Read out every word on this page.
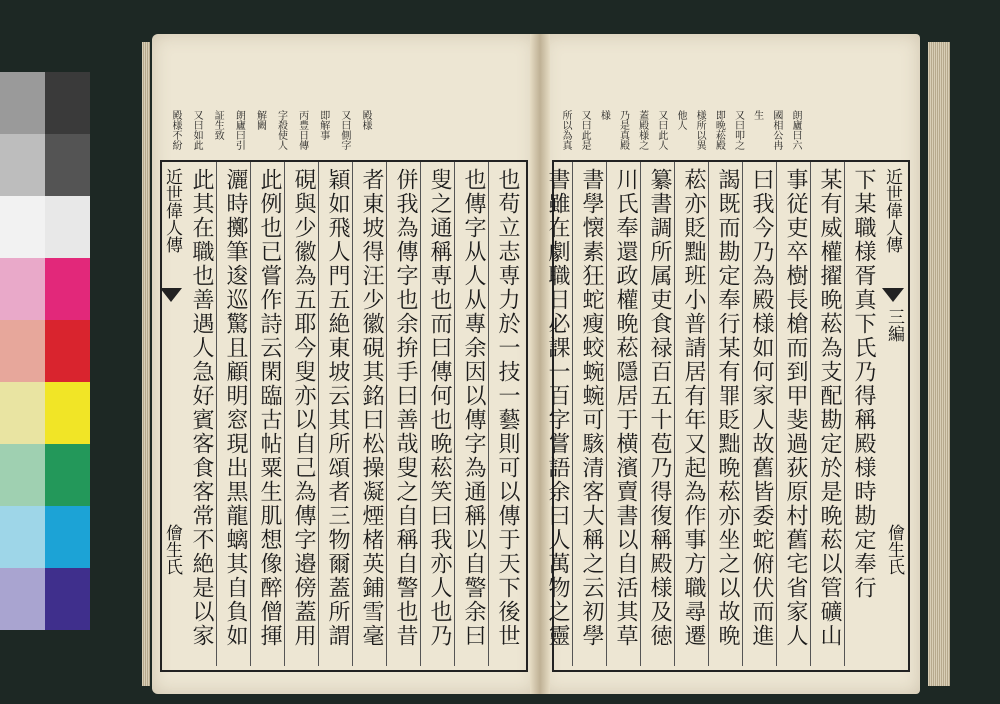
也苟立志専力於一技一藝則可以傳于天下後世
也傳字从人从專余因以傳字為通稱以自警余曰
叟之通稱専也而曰傳何也晩菘笑曰我亦人也乃
併我為傳字也余拚手曰善哉叟之自稱自警也昔
者東坡得汪少徽硯其銘曰松操凝煙楮英鋪雪毫
穎如飛人門五絶東坡云其所頌者三物爾蓋所謂
硯與少徽為五耶今叟亦以自己為傳字邉傍蓋用
此例也已嘗作詩云閑臨古帖粟生肌想像醉僧揮
灑時擲筆逡巡驚且顧明窓現出黒龍螭其自負如
此其在職也善遇人急好賓客食客常不絶是以家	下某職様胥真下氏乃得稱殿様時勘定奉行
某有威權擢晩菘為支配勘定於是晩菘以管礦山
事従吏卒樹長槍而到甲斐過荻原村舊宅省家人
曰我今乃為殿様如何家人故舊皆委蛇俯伏而進
謁既而勘定奉行某有罪貶黜晩菘亦坐之以故晩
菘亦貶黜班小普請居有年又起為作事方職尋遷
纂書調所属吏食禄百五十苞乃得復稱殿様及徳
川氏奉還政權晩菘隱居于横濱賣書以自活其草
書學懐素狂蛇瘦蛟蜿蜿可駭清客大稱之云初學
書雖在劇職日必課一百字嘗語余曰人萬物之靈
近世偉人傳
儈生氏
近世偉人傳
三編
儈生氏
殿様
又曰側字
即解事
丙豊日傳
字殺使人
解闕
朗廬曰引
証生致
又曰如此
殿様不紛	朗廬曰六
國相公冉
生
又曰叩之
即晩菘殿
様所以異
他人
又曰此人
蓋殿様之
乃是真殿
様
又曰此是
所以為真
